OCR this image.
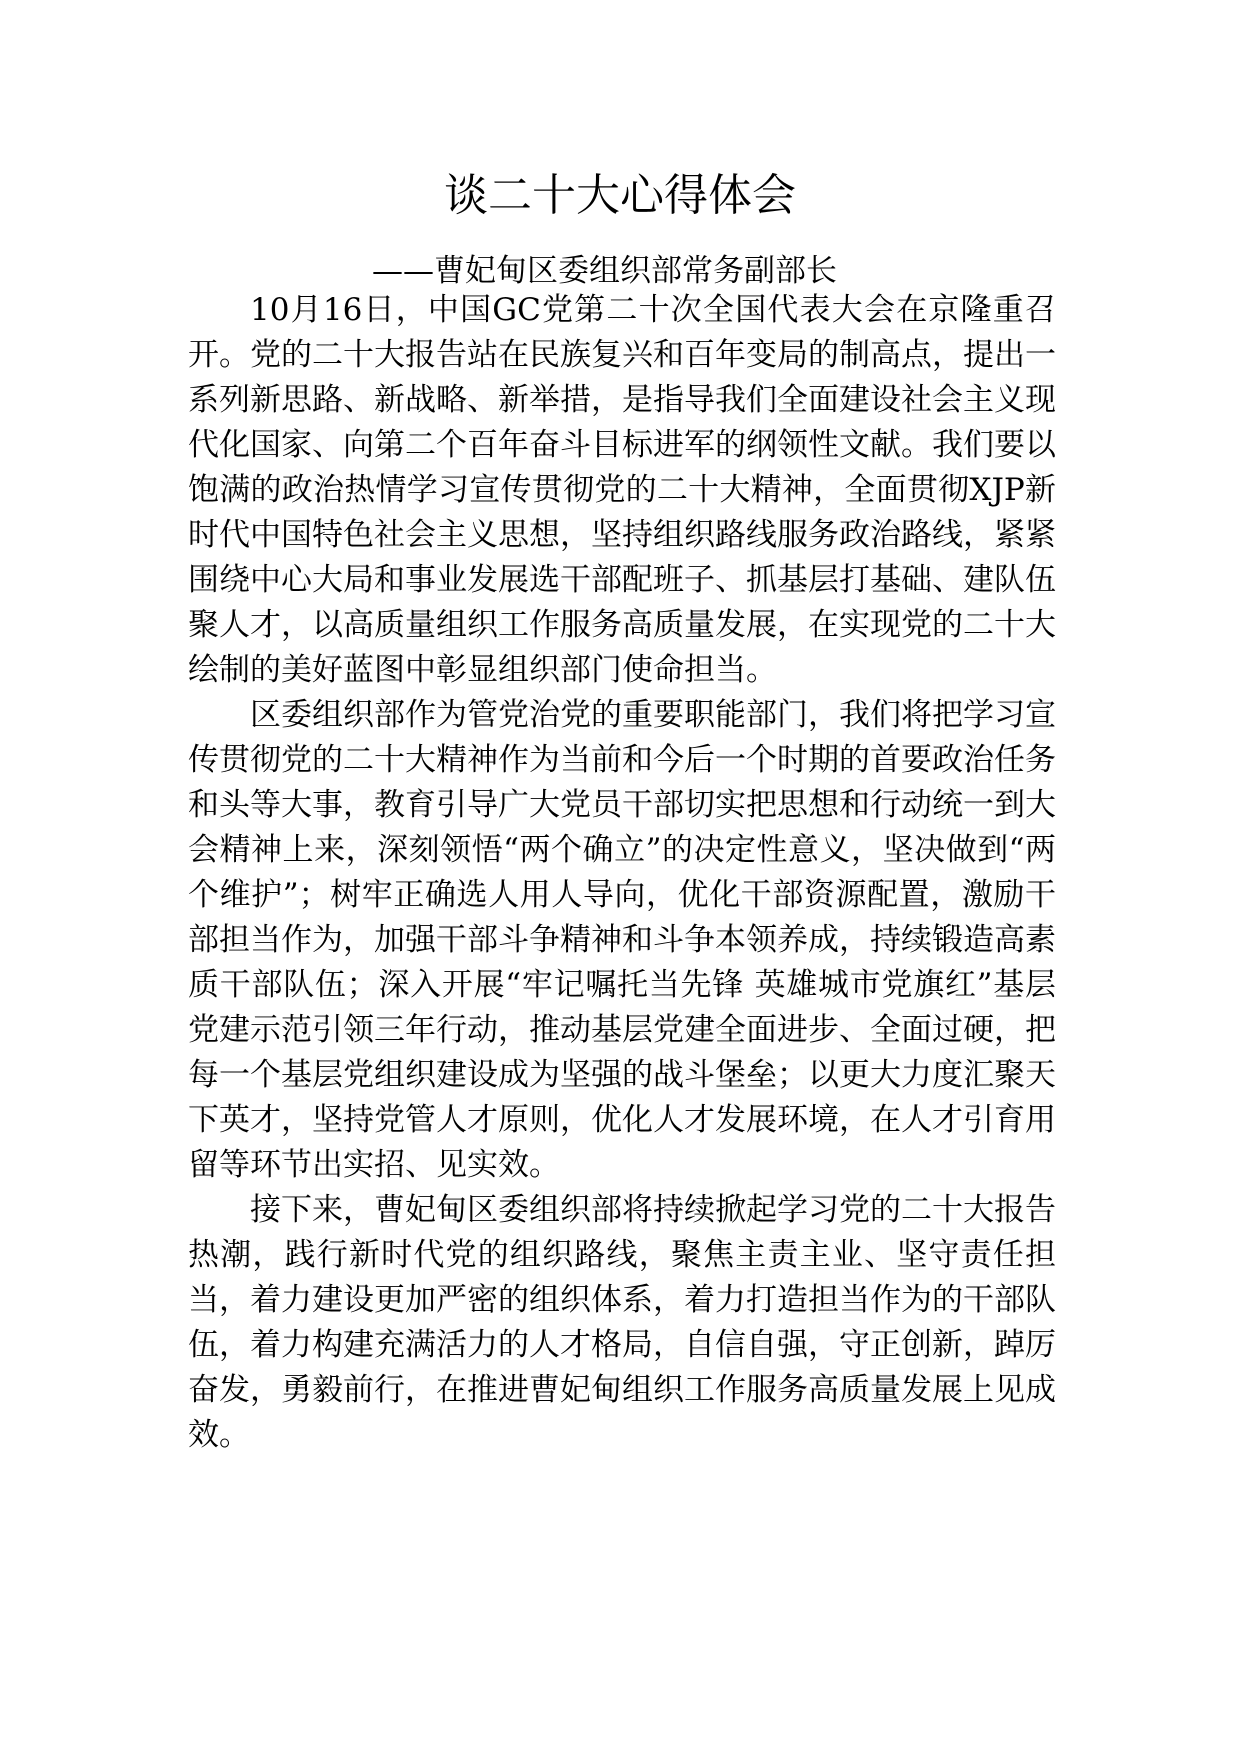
谈二十大心得体会

——曹妃甸区委组织部常务副部长

10月16日，中国GC党第二十次全国代表大会在京隆重召开。党的二十大报告站在民族复兴和百年变局的制高点，提出一系列新思路、新战略、新举措，是指导我们全面建设社会主义现代化国家、向第二个百年奋斗目标进军的纲领性文献。我们要以饱满的政治热情学习宣传贯彻党的二十大精神，全面贯彻XJP新时代中国特色社会主义思想，坚持组织路线服务政治路线，紧紧围绕中心大局和事业发展选干部配班子、抓基层打基础、建队伍聚人才，以高质量组织工作服务高质量发展，在实现党的二十大绘制的美好蓝图中彰显组织部门使命担当。

区委组织部作为管党治党的重要职能部门，我们将把学习宣传贯彻党的二十大精神作为当前和今后一个时期的首要政治任务和头等大事，教育引导广大党员干部切实把思想和行动统一到大会精神上来，深刻领悟“两个确立”的决定性意义，坚决做到“两个维护”；树牢正确选人用人导向，优化干部资源配置，激励干部担当作为，加强干部斗争精神和斗争本领养成，持续锻造高素质干部队伍；深入开展“牢记嘱托当先锋 英雄城市党旗红”基层党建示范引领三年行动，推动基层党建全面进步、全面过硬，把每一个基层党组织建设成为坚强的战斗堡垒；以更大力度汇聚天下英才，坚持党管人才原则，优化人才发展环境，在人才引育用留等环节出实招、见实效。

接下来，曹妃甸区委组织部将持续掀起学习党的二十大报告热潮，践行新时代党的组织路线，聚焦主责主业、坚守责任担当，着力建设更加严密的组织体系，着力打造担当作为的干部队伍，着力构建充满活力的人才格局，自信自强，守正创新，踔厉奋发，勇毅前行，在推进曹妃甸组织工作服务高质量发展上见成效。
